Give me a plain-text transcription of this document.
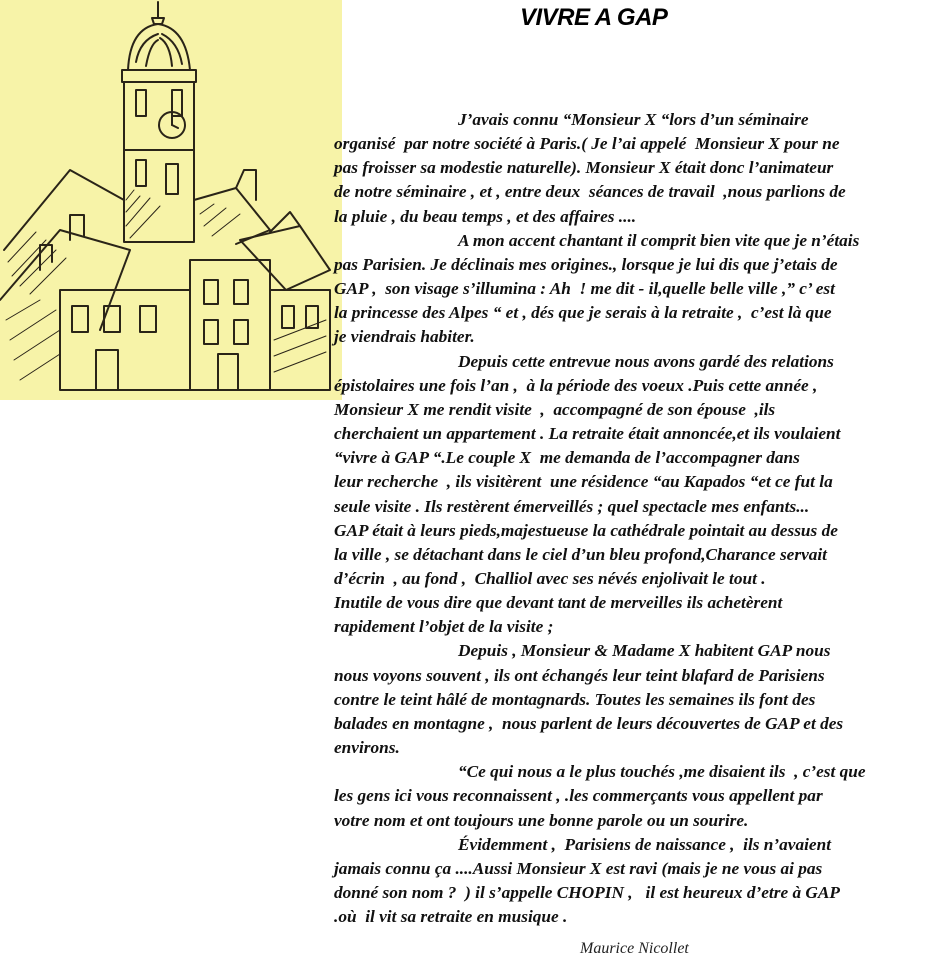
VIVRE A GAP

J’avais connu “Monsieur X “lors d’un séminaire
organisé  par notre société à Paris.( Je l’ai appelé  Monsieur X pour ne
pas froisser sa modestie naturelle). Monsieur X était donc l’animateur
de notre séminaire , et , entre deux  séances de travail  ,nous parlions de
la pluie , du beau temps , et des affaires ....

A mon accent chantant il comprit bien vite que je n’étais
pas Parisien. Je déclinais mes origines., lorsque je lui dis que j’etais de
GAP ,  son visage s’illumina : Ah  ! me dit - il,quelle belle ville ,” c’ est
la princesse des Alpes “ et , dés que je serais à la retraite ,  c’est là que
je viendrais habiter.

Depuis cette entrevue nous avons gardé des relations
épistolaires une fois l’an ,  à la période des voeux .Puis cette année ,
Monsieur X me rendit visite  ,  accompagné de son épouse  ,ils
cherchaient un appartement . La retraite était annoncée,et ils voulaient
“vivre à GAP “.Le couple X  me demanda de l’accompagner dans
leur recherche  , ils visitèrent  une résidence “au Kapados “et ce fut la
seule visite . Ils restèrent émerveillés ; quel spectacle mes enfants...
GAP était à leurs pieds,majestueuse la cathédrale pointait au dessus de
la ville , se détachant dans le ciel d’un bleu profond,Charance servait
d’écrin  , au fond ,  Challiol avec ses névés enjolivait le tout .
Inutile de vous dire que devant tant de merveilles ils achetèrent
rapidement l’objet de la visite ;

Depuis , Monsieur & Madame X habitent GAP nous
nous voyons souvent , ils ont échangés leur teint blafard de Parisiens
contre le teint hâlé de montagnards. Toutes les semaines ils font des
balades en montagne ,  nous parlent de leurs découvertes de GAP et des
environs.

“Ce qui nous a le plus touchés ,me disaient ils  , c’est que
les gens ici vous reconnaissent , .les commerçants vous appellent par
votre nom et ont toujours une bonne parole ou un sourire.

Évidemment ,  Parisiens de naissance ,  ils n’avaient
jamais connu ça ....Aussi Monsieur X est ravi (mais je ne vous ai pas
donné son nom ?  ) il s’appelle CHOPIN ,   il est heureux d’etre à GAP
.où  il vit sa retraite en musique .

Maurice Nicollet
